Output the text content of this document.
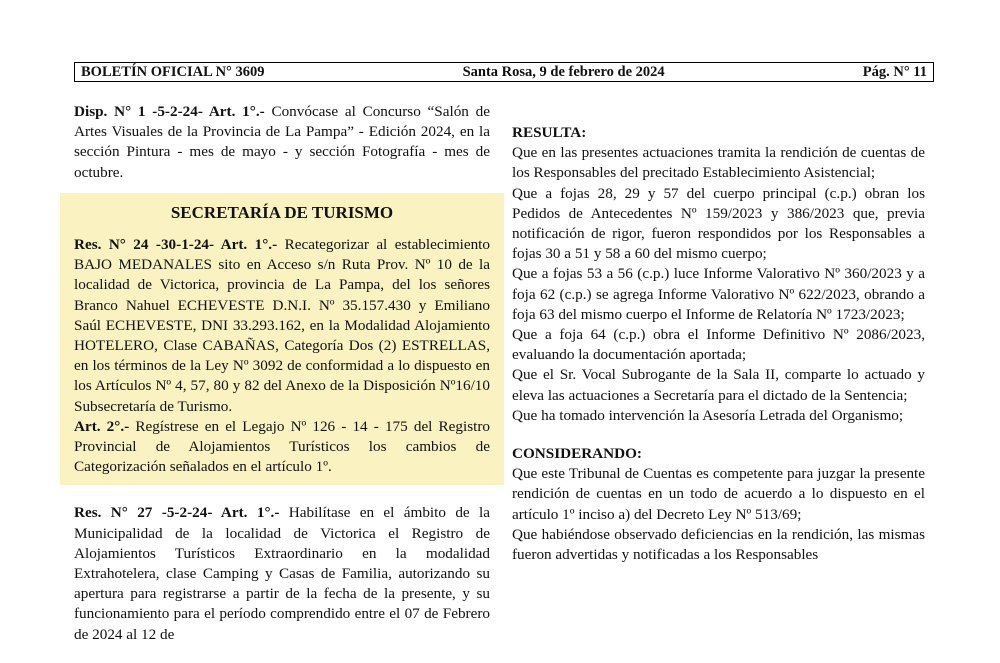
BOLETÍN OFICIAL N° 3609	Santa Rosa, 9 de febrero de 2024	Pág. N° 11

Disp. N° 1 -5-2-24- Art. 1°.- Convócase al Concurso “Salón de Artes Visuales de la Provincia de La Pampa” - Edición 2024, en la sección Pintura - mes de mayo - y sección Fotografía - mes de octubre.

SECRETARÍA DE TURISMO

Res. N° 24 -30-1-24- Art. 1°.- Recategorizar al establecimiento BAJO MEDANALES sito en Acceso s/n Ruta Prov. Nº 10 de la localidad de Victorica, provincia de La Pampa, del los señores Branco Nahuel ECHEVESTE D.N.I. Nº 35.157.430 y Emiliano Saúl ECHEVESTE, DNI 33.293.162, en la Modalidad Alojamiento HOTELERO, Clase CABAÑAS, Categoría Dos (2) ESTRELLAS, en los términos de la Ley Nº 3092 de conformidad a lo dispuesto en los Artículos Nº 4, 57, 80 y 82 del Anexo de la Disposición Nº16/10 Subsecretaría de Turismo.

Art. 2°.- Regístrese en el Legajo Nº 126 - 14 - 175 del Registro Provincial de Alojamientos Turísticos los cambios de Categorización señalados en el artículo 1º.

Res. N° 27 -5-2-24- Art. 1°.- Habilítase en el ámbito de la Municipalidad de la localidad de Victorica el Registro de Alojamientos Turísticos Extraordinario en la modalidad Extrahotelera, clase Camping y Casas de Familia, autorizando su apertura para registrarse a partir de la fecha de la presente, y su funcionamiento para el período comprendido entre el 07 de Febrero de 2024 al 12 de

RESULTA:

Que en las presentes actuaciones tramita la rendición de cuentas de los Responsables del precitado Establecimiento Asistencial;

Que a fojas 28, 29 y 57 del cuerpo principal (c.p.) obran los Pedidos de Antecedentes Nº 159/2023 y 386/2023 que, previa notificación de rigor, fueron respondidos por los Responsables a fojas 30 a 51 y 58 a 60 del mismo cuerpo;

Que a fojas 53 a 56 (c.p.) luce Informe Valorativo Nº 360/2023 y a foja 62 (c.p.) se agrega Informe Valorativo Nº 622/2023, obrando a foja 63 del mismo cuerpo el Informe de Relatoría Nº 1723/2023;

Que a foja 64 (c.p.) obra el Informe Definitivo Nº 2086/2023, evaluando la documentación aportada;

Que el Sr. Vocal Subrogante de la Sala II, comparte lo actuado y eleva las actuaciones a Secretaría para el dictado de la Sentencia;

Que ha tomado intervención la Asesoría Letrada del Organismo;

CONSIDERANDO:

Que este Tribunal de Cuentas es competente para juzgar la presente rendición de cuentas en un todo de acuerdo a lo dispuesto en el artículo 1º inciso a) del Decreto Ley Nº 513/69;

Que habiéndose observado deficiencias en la rendición, las mismas fueron advertidas y notificadas a los Responsables
